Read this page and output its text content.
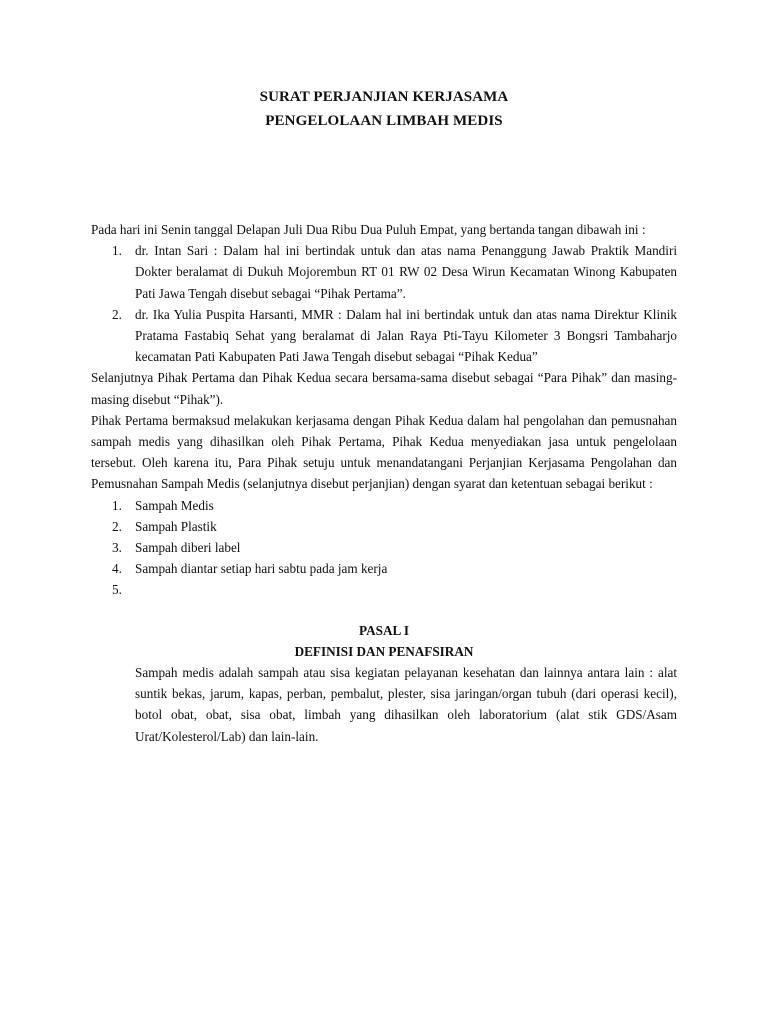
SURAT PERJANJIAN KERJASAMA
PENGELOLAAN LIMBAH MEDIS

Pada hari ini Senin tanggal Delapan Juli Dua Ribu Dua Puluh Empat, yang bertanda tangan dibawah ini :

1. dr. Intan Sari : Dalam hal ini bertindak untuk dan atas nama Penanggung Jawab Praktik Mandiri Dokter beralamat di Dukuh Mojorembun RT 01 RW 02 Desa Wirun Kecamatan Winong Kabupaten Pati Jawa Tengah disebut sebagai “Pihak Pertama”.
2. dr. Ika Yulia Puspita Harsanti, MMR : Dalam hal ini bertindak untuk dan atas nama Direktur Klinik Pratama Fastabiq Sehat yang beralamat di Jalan Raya Pti-Tayu Kilometer 3 Bongsri Tambaharjo kecamatan Pati Kabupaten Pati Jawa Tengah disebut sebagai “Pihak Kedua”

Selanjutnya Pihak Pertama dan Pihak Kedua secara bersama-sama disebut sebagai “Para Pihak” dan masing-masing disebut “Pihak”).

Pihak Pertama bermaksud melakukan kerjasama dengan Pihak Kedua dalam hal pengolahan dan pemusnahan sampah medis yang dihasilkan oleh Pihak Pertama, Pihak Kedua menyediakan jasa untuk pengelolaan tersebut. Oleh karena itu, Para Pihak setuju untuk menandatangani Perjanjian Kerjasama Pengolahan dan Pemusnahan Sampah Medis (selanjutnya disebut perjanjian) dengan syarat dan ketentuan sebagai berikut :

1. Sampah Medis
2. Sampah Plastik
3. Sampah diberi label
4. Sampah diantar setiap hari sabtu pada jam kerja
5.

PASAL I

DEFINISI DAN PENAFSIRAN

Sampah medis adalah sampah atau sisa kegiatan pelayanan kesehatan dan lainnya antara lain : alat suntik bekas, jarum, kapas, perban, pembalut, plester, sisa jaringan/organ tubuh (dari operasi kecil), botol obat, obat, sisa obat, limbah yang dihasilkan oleh laboratorium (alat stik GDS/Asam Urat/Kolesterol/Lab) dan lain-lain.
